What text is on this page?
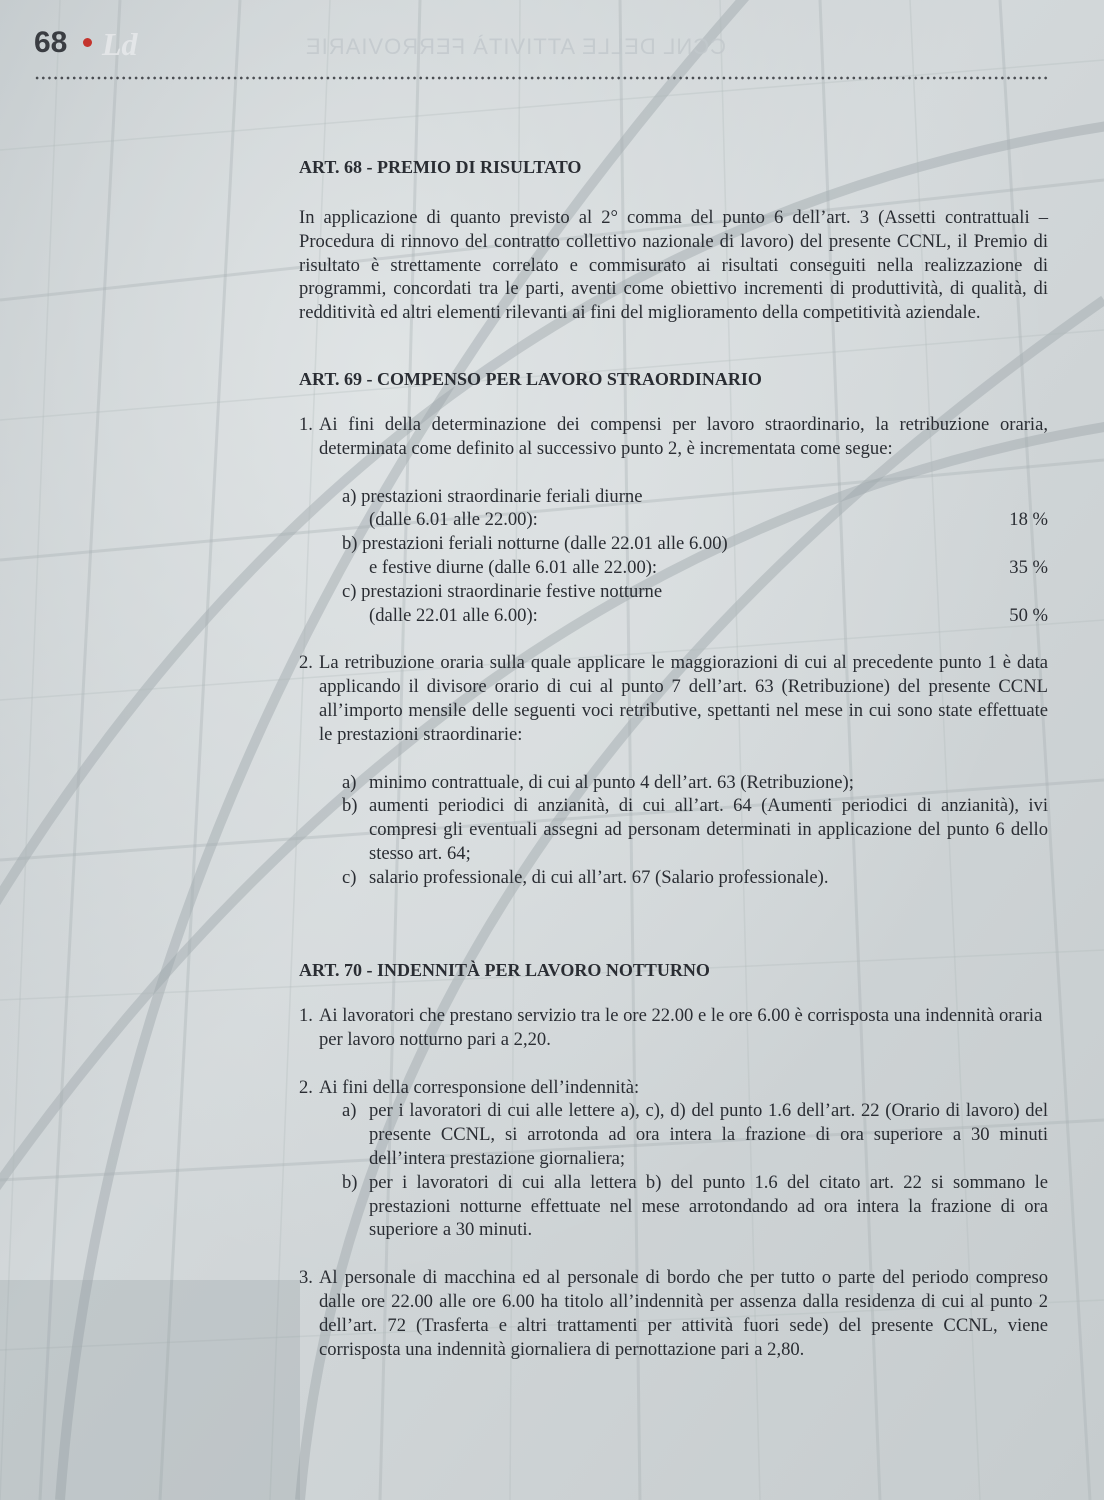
CCNL DELLE ATTIVITÀ FERROVIARIE
68 Ld
ART. 68 - PREMIO DI RISULTATO

In applicazione di quanto previsto al 2° comma del punto 6 dell’art. 3 (Assetti contrattuali – Procedura di rinnovo del contratto collettivo nazionale di lavoro) del presente CCNL, il Premio di risultato è strettamente correlato e commisurato ai risultati conseguiti nella realizzazione di programmi, concordati tra le parti, aventi come obiettivo incrementi di produttività, di qualità, di redditività ed altri elementi rilevanti ai fini del miglioramento della competitività aziendale.

ART. 69 - COMPENSO PER LAVORO STRAORDINARIO
1. Ai fini della determinazione dei compensi per lavoro straordinario, la retribuzione oraria, determinata come definito al successivo punto 2, è incrementata come segue:

a) prestazioni straordinarie feriali diurne
(dalle 6.01 alle 22.00):	18 %
b) prestazioni feriali notturne (dalle 22.01 alle 6.00)
e festive diurne (dalle 6.01 alle 22.00):	35 %
c) prestazioni straordinarie festive notturne
(dalle 22.01 alle 6.00):	50 %
2. La retribuzione oraria sulla quale applicare le maggiorazioni di cui al precedente punto 1 è data applicando il divisore orario di cui al punto 7 dell’art. 63 (Retribuzione) del presente CCNL all’importo mensile delle seguenti voci retributive, spettanti nel mese in cui sono state effettuate le prestazioni straordinarie:

a) minimo contrattuale, di cui al punto 4 dell’art. 63 (Retribuzione);
b) aumenti periodici di anzianità, di cui all’art. 64 (Aumenti periodici di anzianità), ivi compresi gli eventuali assegni ad personam determinati in applicazione del punto 6 dello stesso art. 64;
c) salario professionale, di cui all’art. 67 (Salario professionale).
ART. 70 - INDENNITÀ PER LAVORO NOTTURNO
1. Ai lavoratori che prestano servizio tra le ore 22.00 e le ore 6.00 è corrisposta una indennità oraria per lavoro notturno pari a 2,20.

2. Ai fini della corresponsione dell’indennità:

a) per i lavoratori di cui alle lettere a), c), d) del punto 1.6 dell’art. 22 (Orario di lavoro) del presente CCNL, si arrotonda ad ora intera la frazione di ora superiore a 30 minuti dell’intera prestazione giornaliera;
b) per i lavoratori di cui alla lettera b) del punto 1.6 del citato art. 22 si sommano le prestazioni notturne effettuate nel mese arrotondando ad ora intera la frazione di ora superiore a 30 minuti.
3. Al personale di macchina ed al personale di bordo che per tutto o parte del periodo compreso dalle ore 22.00 alle ore 6.00 ha titolo all’indennità per assenza dalla residenza di cui al punto 2 dell’art. 72 (Trasferta e altri trattamenti per attività fuori sede) del presente CCNL, viene corrisposta una indennità giornaliera di pernottazione pari a 2,80.
